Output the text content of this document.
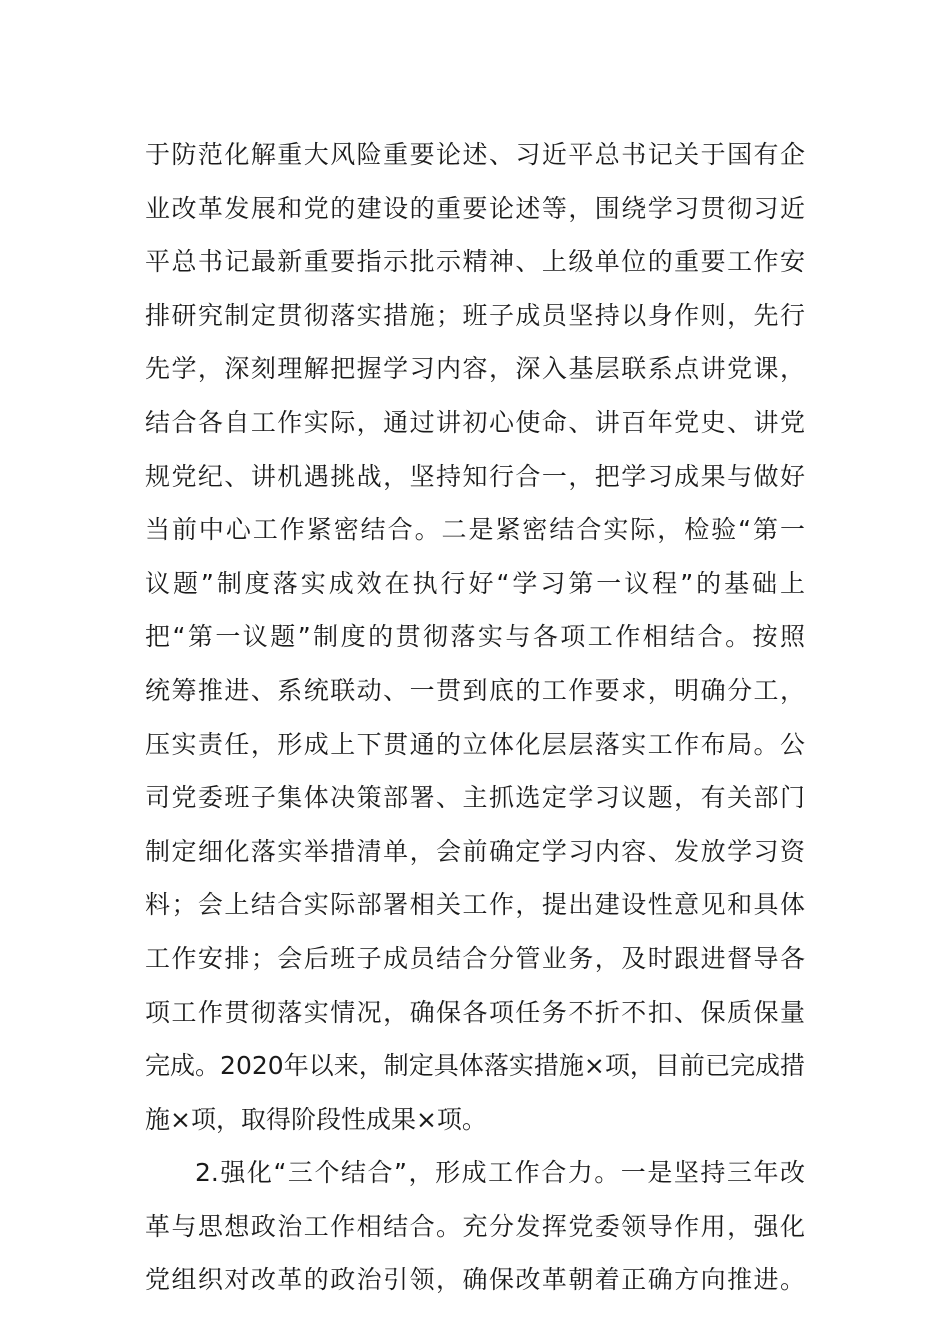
于防范化解重大风险重要论述、习近平总书记关于国有企
业改革发展和党的建设的重要论述等，围绕学习贯彻习近
平总书记最新重要指示批示精神、上级单位的重要工作安
排研究制定贯彻落实措施；班子成员坚持以身作则，先行
先学，深刻理解把握学习内容，深入基层联系点讲党课，
结合各自工作实际，通过讲初心使命、讲百年党史、讲党
规党纪、讲机遇挑战，坚持知行合一，把学习成果与做好
当前中心工作紧密结合。二是紧密结合实际，检验“第一
议题”制度落实成效在执行好“学习第一议程”的基础上
把“第一议题”制度的贯彻落实与各项工作相结合。按照
统筹推进、系统联动、一贯到底的工作要求，明确分工，
压实责任，形成上下贯通的立体化层层落实工作布局。公
司党委班子集体决策部署、主抓选定学习议题，有关部门
制定细化落实举措清单，会前确定学习内容、发放学习资
料；会上结合实际部署相关工作，提出建设性意见和具体
工作安排；会后班子成员结合分管业务，及时跟进督导各
项工作贯彻落实情况，确保各项任务不折不扣、保质保量
完成。2020年以来，制定具体落实措施×项，目前已完成措
施×项，取得阶段性成果×项。
2.强化“三个结合”，形成工作合力。一是坚持三年改
革与思想政治工作相结合。充分发挥党委领导作用，强化
党组织对改革的政治引领，确保改革朝着正确方向推进。
